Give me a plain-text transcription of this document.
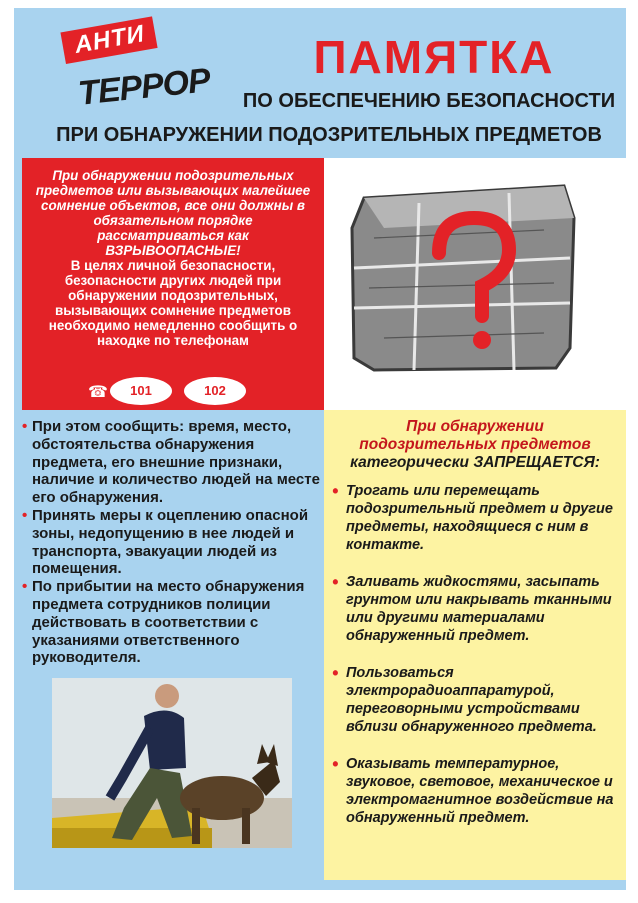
АНТИ
ТЕРРОР
ПАМЯТКА
ПО ОБЕСПЕЧЕНИЮ БЕЗОПАСНОСТИ
ПРИ ОБНАРУЖЕНИИ ПОДОЗРИТЕЛЬНЫХ ПРЕДМЕТОВ
При обнаружении подозрительных предметов или вызывающих малейшее сомнение объектов, все они должны в обязательном порядке рассматриваться как
ВЗРЫВООПАСНЫЕ!
В целях личной безопасности, безопасности других людей при обнаружении подозрительных, вызывающих сомнение предметов необходимо немедленно сообщить о находке по телефонам
☎	101	102
• При этом сообщить: время, место, обстоятельства обнаружения предмета, его внешние признаки, наличие и количество людей на месте его обнаружения.
• Принять меры к оцеплению опасной зоны, недопущению в нее людей и транспорта, эвакуации людей из помещения.
• По прибытии на место обнаружения предмета сотрудников полиции действовать в соответствии с указаниями ответственного руководителя.
При обнаружении
подозрительных предметов
категорически ЗАПРЕЩАЕТСЯ:
• Трогать или перемещать подозрительный предмет и другие предметы, находящиеся с ним в контакте.
• Заливать жидкостями, засыпать грунтом или накрывать тканными или другими материалами обнаруженный предмет.
• Пользоваться электрорадиоаппаратурой, переговорными устройствами вблизи обнаруженного предмета.
• Оказывать температурное, звуковое, световое, механическое и электромагнитное воздействие на обнаруженный предмет.
